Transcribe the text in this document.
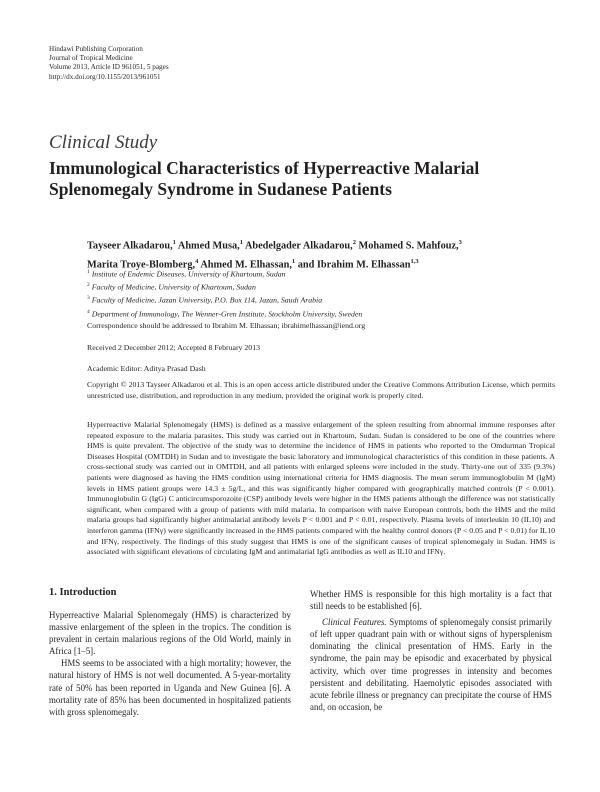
Hindawi Publishing Corporation
Journal of Tropical Medicine
Volume 2013, Article ID 961051, 5 pages
http://dx.doi.org/10.1155/2013/961051
Clinical Study
Immunological Characteristics of Hyperreactive Malarial
Splenomegaly Syndrome in Sudanese Patients
Tayseer Alkadarou,$^1$ Ahmed Musa,$^1$ Abedelgader Alkadarou,$^2$ Mohamed S. Mahfouz,$^3$
Marita Troye-Blomberg,$^4$ Ahmed M. Elhassan,$^1$ and Ibrahim M. Elhassan$^{1,3}$
$^1$ Institute of Endemic Diseases, University of Khartoum, Sudan
$^2$ Faculty of Medicine, University of Khartoum, Sudan
$^3$ Faculty of Medicine, Jazan University, P.O. Box 114, Jazan, Saudi Arabia
$^4$ Department of Immunology, The Wenner-Gren Institute, Stockholm University, Sweden
Correspondence should be addressed to Ibrahim M. Elhassan; ibrahimelhassan@iend.org
Received 2 December 2012; Accepted 8 February 2013
Academic Editor: Aditya Prasad Dash
Copyright © 2013 Tayseer Alkadarou et al. This is an open access article distributed under the Creative Commons Attribution License, which permits unrestricted use, distribution, and reproduction in any medium, provided the original work is properly cited.
Hyperreactive Malarial Splenomegaly (HMS) is defined as a massive enlargement of the spleen resulting from abnormal immune responses after repeated exposure to the malaria parasites. This study was carried out in Khartoum, Sudan. Sudan is considered to be one of the countries where HMS is quite prevalent. The objective of the study was to determine the incidence of HMS in patients who reported to the Omdurman Tropical Diseases Hospital (OMTDH) in Sudan and to investigate the basic laboratory and immunological characteristics of this condition in these patients. A cross-sectional study was carried out in OMTDH, and all patients with enlarged spleens were included in the study. Thirty-one out of 335 (9.3%) patients were diagnosed as having the HMS condition using international criteria for HMS diagnosis. The mean serum immunoglobulin M (IgM) levels in HMS patient groups were 14.3 ± 5g/L, and this was significantly higher compared with geographically matched controls (P < 0.001). Immunoglobulin G (IgG) C anticircumsporozoite (CSP) antibody levels were higher in the HMS patients although the difference was not statistically significant, when compared with a group of patients with mild malaria. In comparison with naive European controls, both the HMS and the mild malaria groups had significantly higher antimalarial antibody levels P < 0.001 and P < 0.01, respectively. Plasma levels of interleukin 10 (IL10) and interferon gamma (IFNγ) were significantly increased in the HMS patients compared with the healthy control donors (P < 0.05 and P < 0.01) for IL10 and IFNγ, respectively. The findings of this study suggest that HMS is one of the significant causes of tropical splenomegaly in Sudan. HMS is associated with significant elevations of circulating IgM and antimalarial IgG antibodies as well as IL10 and IFNγ.
1. Introduction

Hyperreactive Malarial Splenomegaly (HMS) is characterized by massive enlargement of the spleen in the tropics. The condition is prevalent in certain malarious regions of the Old World, mainly in Africa [1–5].

HMS seems to be associated with a high mortality; however, the natural history of HMS is not well documented. A 5-year-mortality rate of 50% has been reported in Uganda and New Guinea [6]. A mortality rate of 85% has been documented in hospitalized patients with gross splenomegaly.

Whether HMS is responsible for this high mortality is a fact that still needs to be established [6].

Clinical Features. Symptoms of splenomegaly consist primarily of left upper quadrant pain with or without signs of hypersplenism dominating the clinical presentation of HMS. Early in the syndrome, the pain may be episodic and exacerbated by physical activity, which over time progresses in intensity and becomes persistent and debilitating. Haemolytic episodes associated with acute febrile illness or pregnancy can precipitate the course of HMS and, on occasion, be
